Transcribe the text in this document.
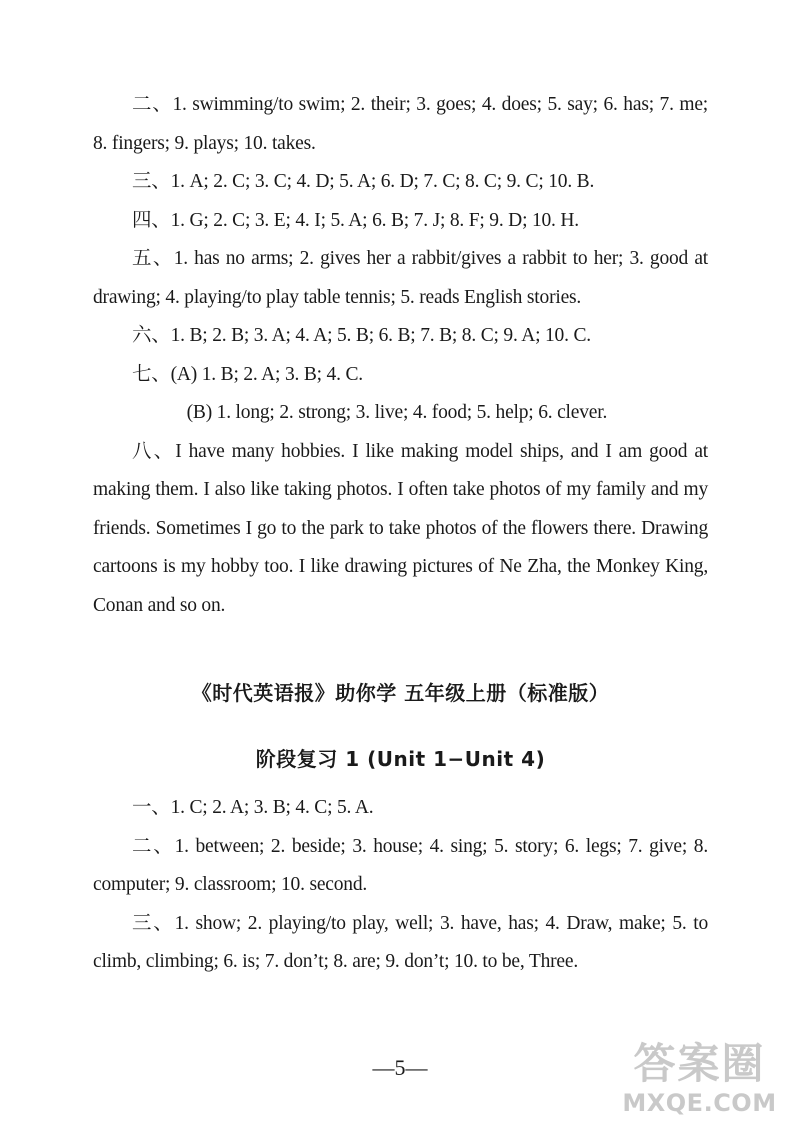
二、1. swimming/to swim; 2. their; 3. goes; 4. does; 5. say; 6. has; 7. me; 8. fingers; 9. plays; 10. takes.

三、1. A; 2. C; 3. C; 4. D; 5. A; 6. D; 7. C; 8. C; 9. C; 10. B.

四、1. G; 2. C; 3. E; 4. I; 5. A; 6. B; 7. J; 8. F; 9. D; 10. H.

五、1. has no arms; 2. gives her a rabbit/gives a rabbit to her; 3. good at drawing; 4. playing/to play table tennis; 5. reads English stories.

六、1. B; 2. B; 3. A; 4. A; 5. B; 6. B; 7. B; 8. C; 9. A; 10. C.

七、(A) 1. B; 2. A; 3. B; 4. C.

(B) 1. long; 2. strong; 3. live; 4. food; 5. help; 6. clever.

八、I have many hobbies. I like making model ships, and I am good at making them. I also like taking photos. I often take photos of my family and my friends. Sometimes I go to the park to take photos of the flowers there. Drawing cartoons is my hobby too. I like drawing pictures of Ne Zha, the Monkey King, Conan and so on.

《时代英语报》助你学 五年级上册（标准版）
阶段复习 1 (Unit 1−Unit 4)

一、1. C; 2. A; 3. B; 4. C; 5. A.

二、1. between; 2. beside; 3. house; 4. sing; 5. story; 6. legs; 7. give; 8. computer; 9. classroom; 10. second.

三、1. show; 2. playing/to play, well; 3. have, has; 4. Draw, make; 5. to climb, climbing; 6. is; 7. don’t; 8. are; 9. don’t; 10. to be, Three.

—5—	答案圈
MXQE.COM
